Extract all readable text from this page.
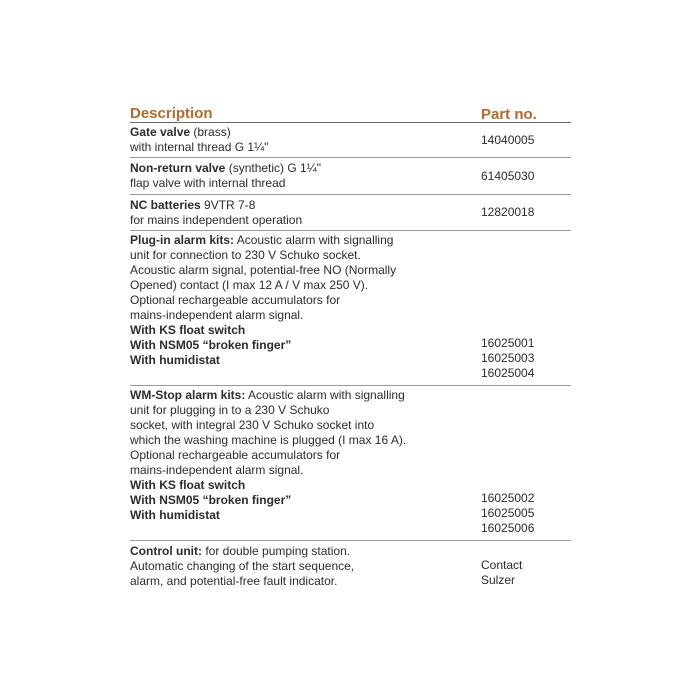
Description	Part no.
Gate valve (brass)
with internal thread G 1¼"
14040005
Non-return valve (synthetic) G 1¼"
flap valve with internal thread
61405030
NC batteries 9VTR 7-8
for mains independent operation
12820018
Plug-in alarm kits: Acoustic alarm with signalling
unit for connection to 230 V Schuko socket.
Acoustic alarm signal, potential-free NO (Normally
Opened) contact (I max 12 A / V max 250 V).
Optional rechargeable accumulators for
mains-independent alarm signal.
With KS float switch
With NSM05 “broken finger”
With humidistat
16025001
16025003
16025004
WM-Stop alarm kits: Acoustic alarm with signalling
unit for plugging in to a 230 V Schuko
socket, with integral 230 V Schuko socket into
which the washing machine is plugged (I max 16 A).
Optional rechargeable accumulators for
mains-independent alarm signal.
With KS float switch
With NSM05 “broken finger”
With humidistat
16025002
16025005
16025006
Control unit: for double pumping station.
Automatic changing of the start sequence,
alarm, and potential-free fault indicator.
Contact
Sulzer
